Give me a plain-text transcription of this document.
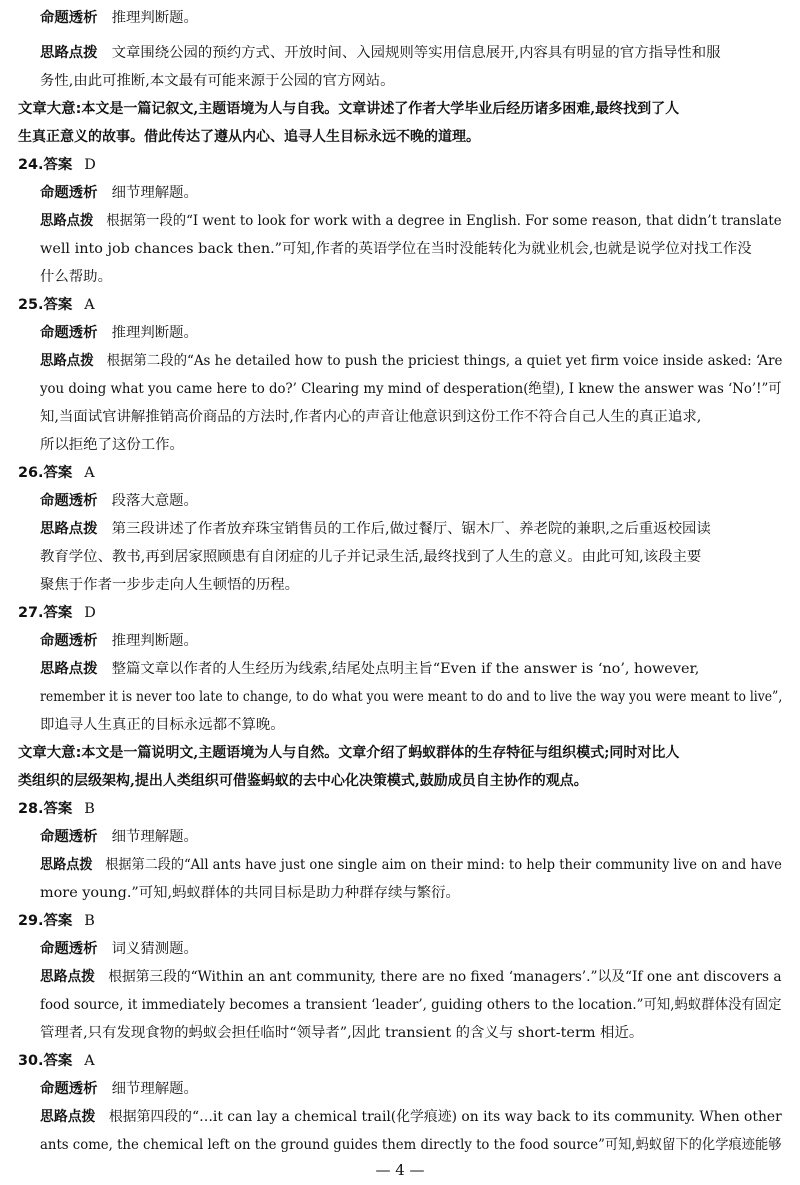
命题透析 推理判断题。
思路点拨 文章围绕公园的预约方式、开放时间、入园规则等实用信息展开,内容具有明显的官方指导性和服
务性,由此可推断,本文最有可能来源于公园的官方网站。
文章大意:本文是一篇记叙文,主题语境为人与自我。文章讲述了作者大学毕业后经历诸多困难,最终找到了人
生真正意义的故事。借此传达了遵从内心、追寻人生目标永远不晚的道理。
24.答案 D
命题透析 细节理解题。
思路点拨 根据第一段的“I went to look for work with a degree in English. For some reason, that didn’t translate
well into job chances back then.”可知,作者的英语学位在当时没能转化为就业机会,也就是说学位对找工作没
什么帮助。
25.答案 A
命题透析 推理判断题。
思路点拨 根据第二段的“As he detailed how to push the priciest things, a quiet yet firm voice inside asked: ‘Are
you doing what you came here to do?’ Clearing my mind of desperation(绝望), I knew the answer was ‘No’!”可
知,当面试官讲解推销高价商品的方法时,作者内心的声音让他意识到这份工作不符合自己人生的真正追求,
所以拒绝了这份工作。
26.答案 A
命题透析 段落大意题。
思路点拨 第三段讲述了作者放弃珠宝销售员的工作后,做过餐厅、锯木厂、养老院的兼职,之后重返校园读
教育学位、教书,再到居家照顾患有自闭症的儿子并记录生活,最终找到了人生的意义。由此可知,该段主要
聚焦于作者一步步走向人生顿悟的历程。
27.答案 D
命题透析 推理判断题。
思路点拨 整篇文章以作者的人生经历为线索,结尾处点明主旨“Even if the answer is ‘no’, however,
remember it is never too late to change, to do what you were meant to do and to live the way you were meant to live”,
即追寻人生真正的目标永远都不算晚。
文章大意:本文是一篇说明文,主题语境为人与自然。文章介绍了蚂蚁群体的生存特征与组织模式;同时对比人
类组织的层级架构,提出人类组织可借鉴蚂蚁的去中心化决策模式,鼓励成员自主协作的观点。
28.答案 B
命题透析 细节理解题。
思路点拨 根据第二段的“All ants have just one single aim on their mind: to help their community live on and have
more young.”可知,蚂蚁群体的共同目标是助力种群存续与繁衍。
29.答案 B
命题透析 词义猜测题。
思路点拨 根据第三段的“Within an ant community, there are no fixed ‘managers’.”以及“If one ant discovers a
food source, it immediately becomes a transient ‘leader’, guiding others to the location.”可知,蚂蚁群体没有固定
管理者,只有发现食物的蚂蚁会担任临时“领导者”,因此 transient 的含义与 short-term 相近。
30.答案 A
命题透析 细节理解题。
思路点拨 根据第四段的“…it can lay a chemical trail(化学痕迹) on its way back to its community. When other
ants come, the chemical left on the ground guides them directly to the food source”可知,蚂蚁留下的化学痕迹能够
— 4 —
